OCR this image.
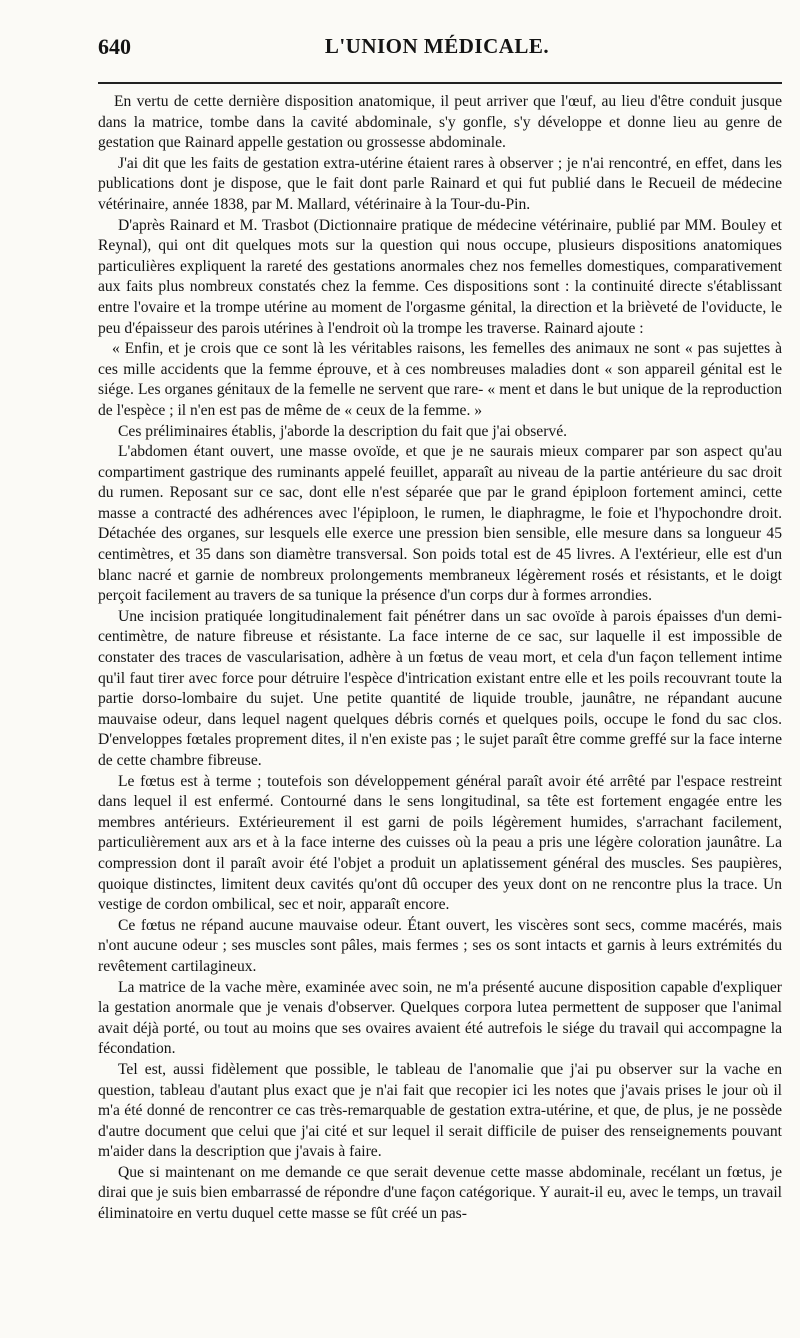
640	L'UNION MÉDICALE.

En vertu de cette dernière disposition anatomique, il peut arriver que l'œuf, au lieu d'être conduit jusque dans la matrice, tombe dans la cavité abdominale, s'y gonfle, s'y développe et donne lieu au genre de gestation que Rainard appelle gestation ou grossesse abdominale.

J'ai dit que les faits de gestation extra-utérine étaient rares à observer ; je n'ai rencontré, en effet, dans les publications dont je dispose, que le fait dont parle Rainard et qui fut publié dans le Recueil de médecine vétérinaire, année 1838, par M. Mallard, vétérinaire à la Tour-du-Pin.

D'après Rainard et M. Trasbot (Dictionnaire pratique de médecine vétérinaire, publié par MM. Bouley et Reynal), qui ont dit quelques mots sur la question qui nous occupe, plusieurs dispositions anatomiques particulières expliquent la rareté des gestations anormales chez nos femelles domestiques, comparativement aux faits plus nombreux constatés chez la femme. Ces dispositions sont : la continuité directe s'établissant entre l'ovaire et la trompe utérine au moment de l'orgasme génital, la direction et la brièveté de l'oviducte, le peu d'épaisseur des parois utérines à l'endroit où la trompe les traverse. Rainard ajoute :

« Enfin, et je crois que ce sont là les véritables raisons, les femelles des animaux ne sont « pas sujettes à ces mille accidents que la femme éprouve, et à ces nombreuses maladies dont « son appareil génital est le siége. Les organes génitaux de la femelle ne servent que rare- « ment et dans le but unique de la reproduction de l'espèce ; il n'en est pas de même de « ceux de la femme. »

Ces préliminaires établis, j'aborde la description du fait que j'ai observé.

L'abdomen étant ouvert, une masse ovoïde, et que je ne saurais mieux comparer par son aspect qu'au compartiment gastrique des ruminants appelé feuillet, apparaît au niveau de la partie antérieure du sac droit du rumen. Reposant sur ce sac, dont elle n'est séparée que par le grand épiploon fortement aminci, cette masse a contracté des adhérences avec l'épiploon, le rumen, le diaphragme, le foie et l'hypochondre droit. Détachée des organes, sur lesquels elle exerce une pression bien sensible, elle mesure dans sa longueur 45 centimètres, et 35 dans son diamètre transversal. Son poids total est de 45 livres. A l'extérieur, elle est d'un blanc nacré et garnie de nombreux prolongements membraneux légèrement rosés et résistants, et le doigt perçoit facilement au travers de sa tunique la présence d'un corps dur à formes arrondies.

Une incision pratiquée longitudinalement fait pénétrer dans un sac ovoïde à parois épaisses d'un demi-centimètre, de nature fibreuse et résistante. La face interne de ce sac, sur laquelle il est impossible de constater des traces de vascularisation, adhère à un fœtus de veau mort, et cela d'un façon tellement intime qu'il faut tirer avec force pour détruire l'espèce d'intrication existant entre elle et les poils recouvrant toute la partie dorso-lombaire du sujet. Une petite quantité de liquide trouble, jaunâtre, ne répandant aucune mauvaise odeur, dans lequel nagent quelques débris cornés et quelques poils, occupe le fond du sac clos. D'enveloppes fœtales proprement dites, il n'en existe pas ; le sujet paraît être comme greffé sur la face interne de cette chambre fibreuse.

Le fœtus est à terme ; toutefois son développement général paraît avoir été arrêté par l'espace restreint dans lequel il est enfermé. Contourné dans le sens longitudinal, sa tête est fortement engagée entre les membres antérieurs. Extérieurement il est garni de poils légèrement humides, s'arrachant facilement, particulièrement aux ars et à la face interne des cuisses où la peau a pris une légère coloration jaunâtre. La compression dont il paraît avoir été l'objet a produit un aplatissement général des muscles. Ses paupières, quoique distinctes, limitent deux cavités qu'ont dû occuper des yeux dont on ne rencontre plus la trace. Un vestige de cordon ombilical, sec et noir, apparaît encore.

Ce fœtus ne répand aucune mauvaise odeur. Étant ouvert, les viscères sont secs, comme macérés, mais n'ont aucune odeur ; ses muscles sont pâles, mais fermes ; ses os sont intacts et garnis à leurs extrémités du revêtement cartilagineux.

La matrice de la vache mère, examinée avec soin, ne m'a présenté aucune disposition capable d'expliquer la gestation anormale que je venais d'observer. Quelques corpora lutea permettent de supposer que l'animal avait déjà porté, ou tout au moins que ses ovaires avaient été autrefois le siége du travail qui accompagne la fécondation.

Tel est, aussi fidèlement que possible, le tableau de l'anomalie que j'ai pu observer sur la vache en question, tableau d'autant plus exact que je n'ai fait que recopier ici les notes que j'avais prises le jour où il m'a été donné de rencontrer ce cas très-remarquable de gestation extra-utérine, et que, de plus, je ne possède d'autre document que celui que j'ai cité et sur lequel il serait difficile de puiser des renseignements pouvant m'aider dans la description que j'avais à faire.

Que si maintenant on me demande ce que serait devenue cette masse abdominale, recélant un fœtus, je dirai que je suis bien embarrassé de répondre d'une façon catégorique. Y aurait-il eu, avec le temps, un travail éliminatoire en vertu duquel cette masse se fût créé un pas-
